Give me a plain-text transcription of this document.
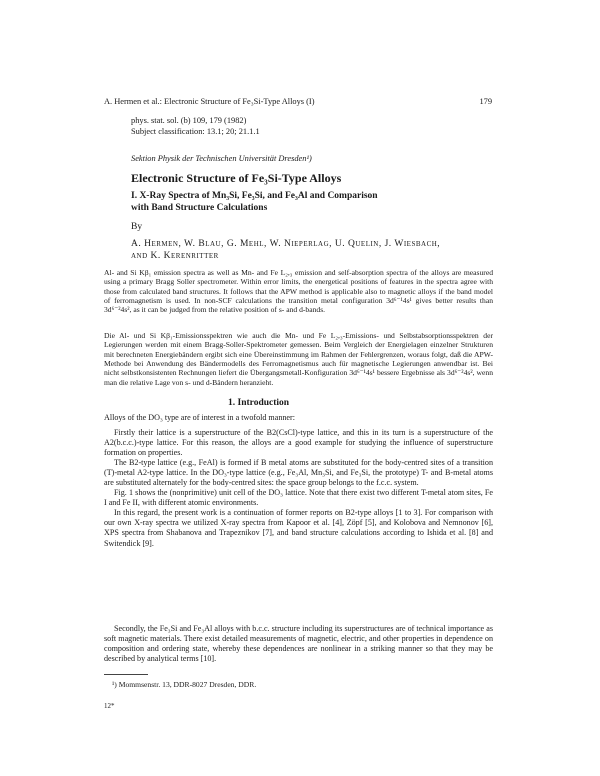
A. Hermen et al.: Electronic Structure of Fe₃Si-Type Alloys (I)	179
phys. stat. sol. (b) 109, 179 (1982)
Subject classification: 13.1; 20; 21.1.1
Sektion Physik der Technischen Universität Dresden¹)
Electronic Structure of Fe₃Si-Type Alloys
I. X-Ray Spectra of Mn₃Si, Fe₃Si, and Fe₃Al and Comparison
with Band Structure Calculations
By
A. Hermen, W. Blau, G. Mehl, W. Nieperlag, U. Quelin, J. Wiesbach,
and K. Kerenritter

Al- and Si Kβ₁ emission spectra as well as Mn- and Fe L₂,₃ emission and self-absorption spectra of the alloys are measured using a primary Bragg Soller spectrometer. Within error limits, the energetical positions of features in the spectra agree with those from calculated band structures. It follows that the APW method is applicable also to magnetic alloys if the band model of ferromagnetism is used. In non-SCF calculations the transition metal configuration 3d⁶⁻¹4s¹ gives better results than 3d⁶⁻²4s², as it can be judged from the relative position of s- and d-bands.

Die Al- und Si Kβ₁-Emissionsspektren wie auch die Mn- und Fe L₂,₃-Emissions- und Selbstabsorptionsspektren der Legierungen werden mit einem Bragg-Soller-Spektrometer gemessen. Beim Vergleich der Energielagen einzelner Strukturen mit berechneten Energiebändern ergibt sich eine Übereinstimmung im Rahmen der Fehlergrenzen, woraus folgt, daß die APW-Methode bei Anwendung des Bändermodells des Ferromagnetismus auch für magnetische Legierungen anwendbar ist. Bei nicht selbstkonsistenten Rechnungen liefert die Übergangsmetall-Konfiguration 3d⁶⁻¹4s¹ bessere Ergebnisse als 3d⁶⁻²4s², wenn man die relative Lage von s- und d-Bändern heranzieht.

1. Introduction
Alloys of the DO₃ type are of interest in a twofold manner:

Firstly their lattice is a superstructure of the B2(CsCl)-type lattice, and this in its turn is a superstructure of the A2(b.c.c.)-type lattice. For this reason, the alloys are a good example for studying the influence of superstructure formation on properties.

The B2-type lattice (e.g., FeAl) is formed if B metal atoms are substituted for the body-centred sites of a transition (T)-metal A2-type lattice. In the DO₃-type lattice (e.g., Fe₃Al, Mn₃Si, and Fe₃Si, the prototype) T- and B-metal atoms are substituted alternately for the body-centred sites: the space group belongs to the f.c.c. system.

Fig. 1 shows the (nonprimitive) unit cell of the DO₃ lattice. Note that there exist two different T-metal atom sites, Fe I and Fe II, with different atomic environments.

In this regard, the present work is a continuation of former reports on B2-type alloys [1 to 3]. For comparison with our own X-ray spectra we utilized X-ray spectra from Kapoor et al. [4], Zöpf [5], and Kolobova and Nemnonov [6], XPS spectra from Shabanova and Trapeznikov [7], and band structure calculations according to Ishida et al. [8] and Switendick [9].

Secondly, the Fe₃Si and Fe₃Al alloys with b.c.c. structure including its superstructures are of technical importance as soft magnetic materials. There exist detailed measurements of magnetic, electric, and other properties in dependence on composition and ordering state, whereby these dependences are nonlinear in a striking manner so that they may be described by analytical terms [10].

¹) Mommsenstr. 13, DDR-8027 Dresden, DDR.
12*
